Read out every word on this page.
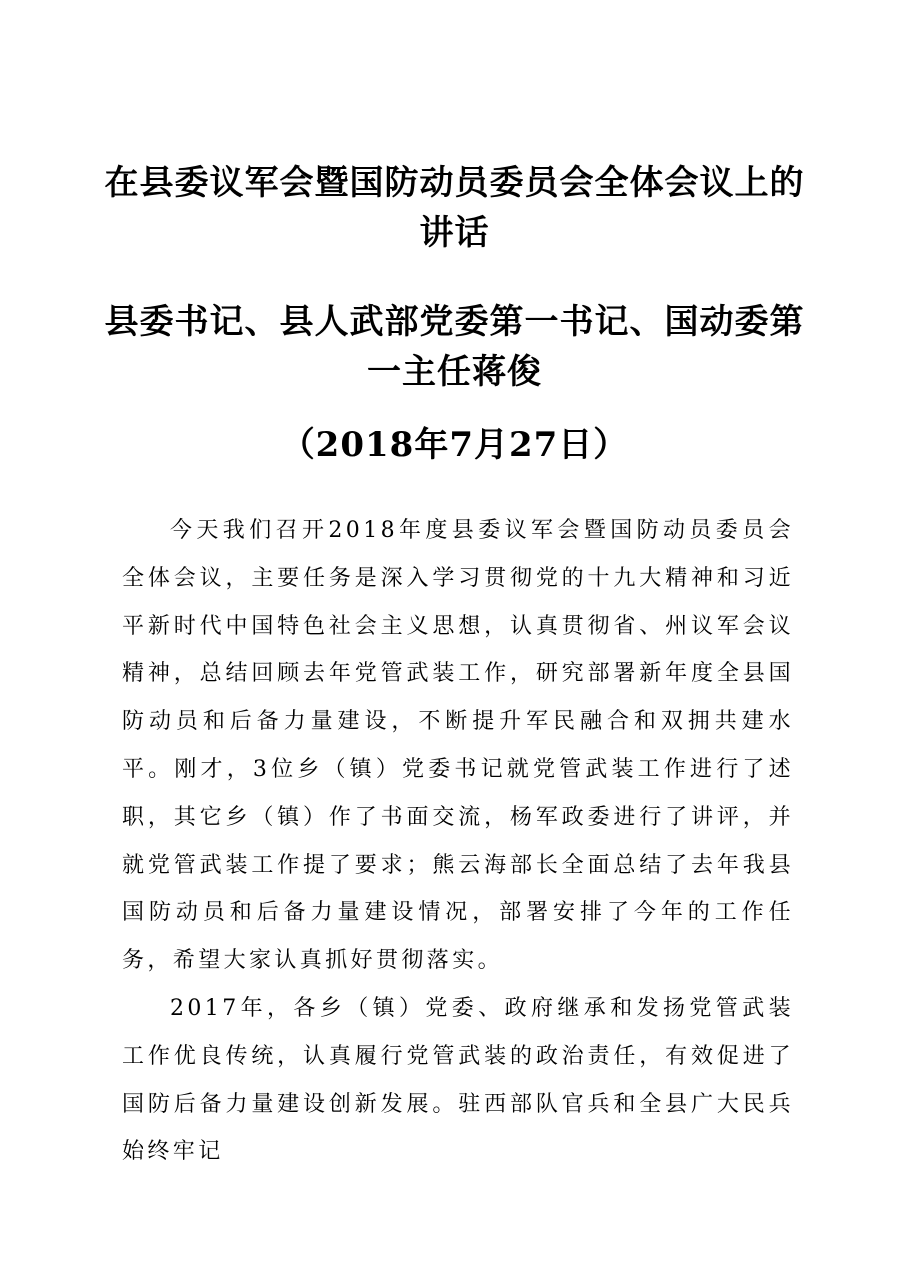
在县委议军会暨国防动员委员会全体会议上的讲话
县委书记、县人武部党委第一书记、国动委第一主任蒋俊
（2018年7月27日）

今天我们召开2018年度县委议军会暨国防动员委员会全体会议，主要任务是深入学习贯彻党的十九大精神和习近平新时代中国特色社会主义思想，认真贯彻省、州议军会议精神，总结回顾去年党管武装工作，研究部署新年度全县国防动员和后备力量建设，不断提升军民融合和双拥共建水平。刚才，3位乡（镇）党委书记就党管武装工作进行了述职，其它乡（镇）作了书面交流，杨军政委进行了讲评，并就党管武装工作提了要求；熊云海部长全面总结了去年我县国防动员和后备力量建设情况，部署安排了今年的工作任务，希望大家认真抓好贯彻落实。

2017年，各乡（镇）党委、政府继承和发扬党管武装工作优良传统，认真履行党管武装的政治责任，有效促进了国防后备力量建设创新发展。驻西部队官兵和全县广大民兵始终牢记
